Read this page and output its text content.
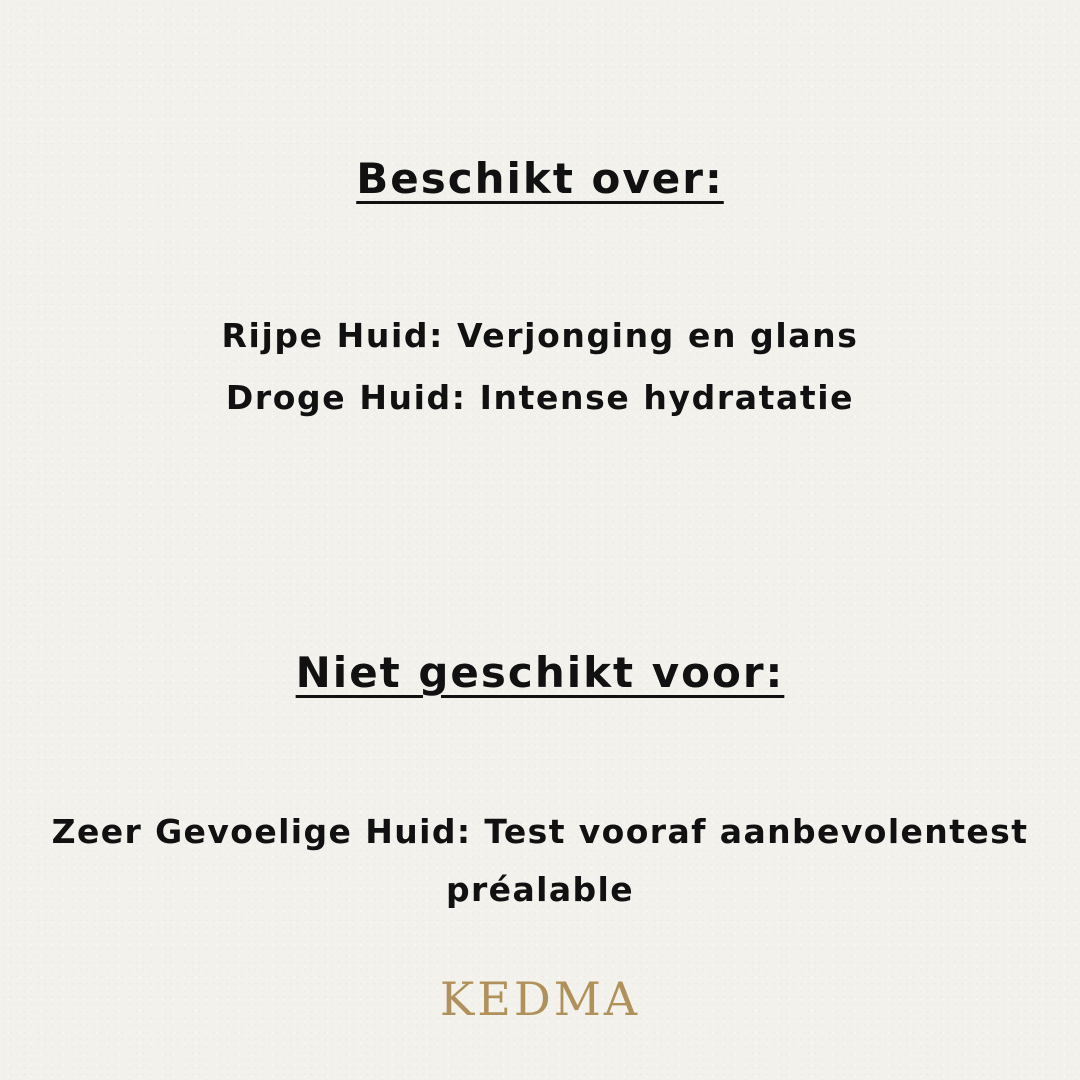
Beschikt over:
Rijpe Huid: Verjonging en glans
Droge Huid: Intense hydratatie
Niet geschikt voor:
Zeer Gevoelige Huid: Test vooraf aanbevolentest préalable
KEDMA
